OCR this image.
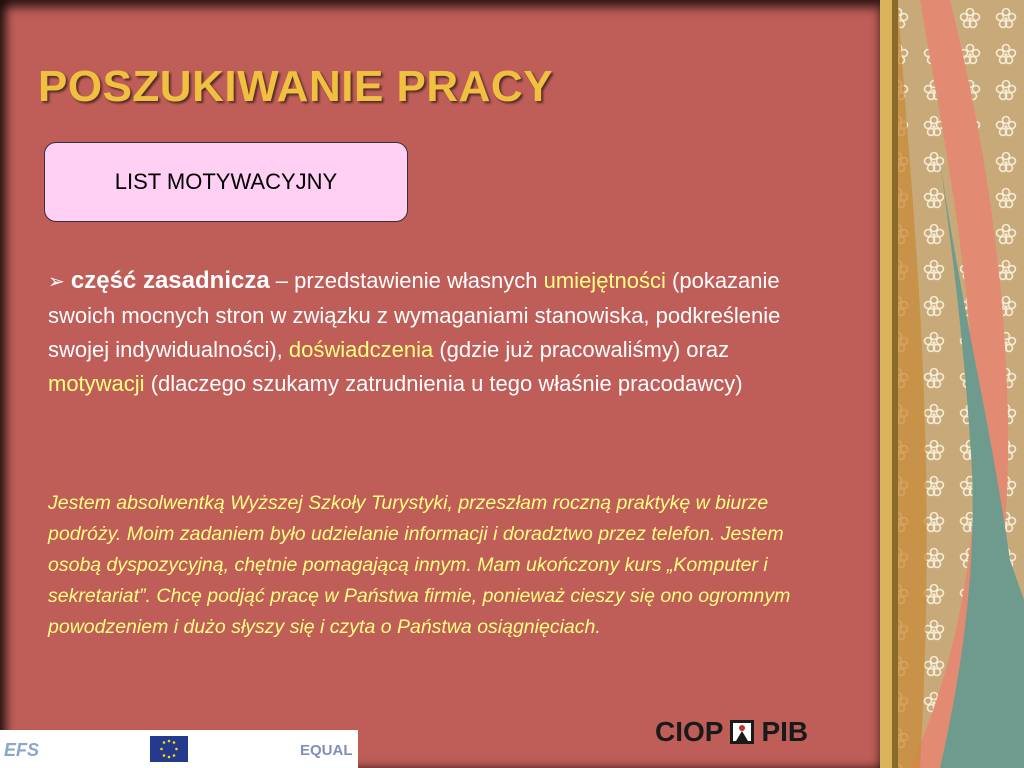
POSZUKIWANIE PRACY
LIST MOTYWACYJNY
➢ część zasadnicza – przedstawienie własnych umiejętności (pokazanie swoich mocnych stron w związku z wymaganiami stanowiska, podkreślenie swojej indywidualności), doświadczenia (gdzie już pracowaliśmy) oraz motywacji (dlaczego szukamy zatrudnienia u tego właśnie pracodawcy)
Jestem absolwentką Wyższej Szkoły Turystyki, przeszłam roczną praktykę w biurze podróży. Moim zadaniem było udzielanie informacji i doradztwo przez telefon. Jestem osobą dyspozycyjną, chętnie pomagającą innym. Mam ukończony kurs „Komputer i sekretariat”. Chcę podjąć pracę w Państwa firmie, ponieważ cieszy się ono ogromnym powodzeniem i dużo słyszy się i czyta o Państwa osiągnięciach.
EFS	EQUAL
CIOP PIB
